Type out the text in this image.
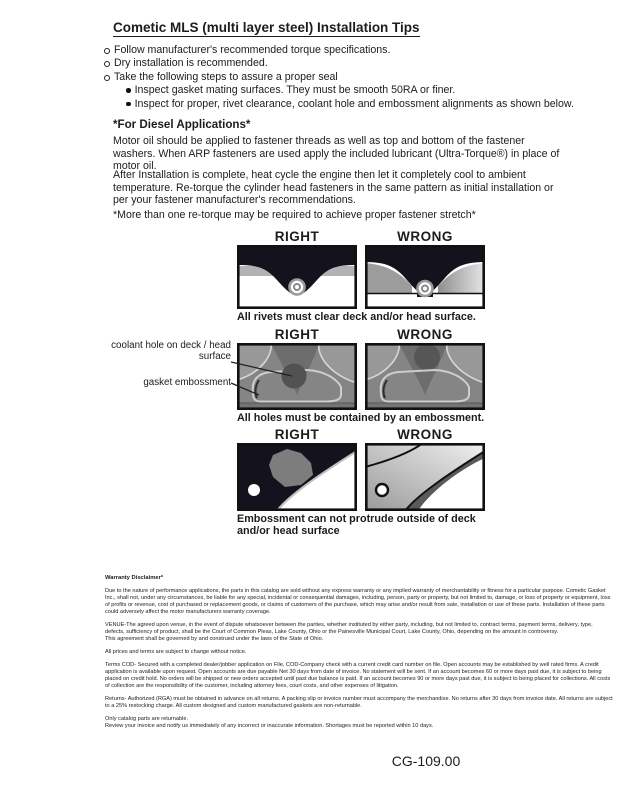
Cometic MLS (multi layer steel) Installation Tips
Follow manufacturer's recommended torque specifications.
Dry installation is recommended.
Take the following steps to assure a proper seal
Inspect gasket mating surfaces. They must be smooth 50RA or finer.
Inspect for proper, rivet clearance, coolant hole and embossment alignments as shown below.
*For Diesel Applications*

Motor oil should be applied to fastener threads as well as top and bottom of the fastener washers. When ARP fasteners are used apply the included lubricant (Ultra-Torque®) in place of motor oil.

After Installation is complete, heat cycle the engine then let it completely cool to ambient temperature. Re-torque the cylinder head fasteners in the same pattern as initial installation or per your fastener manufacturer's recommendations.

*More than one re-torque may be required to achieve proper fastener stretch*

RIGHT	WRONG
All rivets must clear deck and/or head surface.
RIGHT	WRONG
All holes must be contained by an embossment.
coolant hole on deck / head surface
gasket embossment
RIGHT	WRONG
Embossment can not protrude outside of deck and/or head surface

Warranty Disclaimer*

Due to the nature of performance applications, the parts in this catalog are sold without any express warranty or any implied warranty of merchantability or fitness for a particular purpose. Cometic Gasket Inc., shall not, under any circumstances, be liable for any special, incidental or consequential damages, including, person, party or property, but not limited to, damage, or loss of property or equipment, loss of profits or revenue, cost of purchased or replacement goods, or claims of customers of the purchase, which may arise and/or result from sale, installation or use of these parts. Installation of these parts could adversely affect the motor manufacturers warranty coverage.

VENUE-The agreed upon venue, in the event of dispute whatsoever between the parties, whether instituted by either party, including, but not limited to, contract terms, payment terms, delivery, type, defects, sufficiency of product, shall be the Court of Common Pleas, Lake County, Ohio or the Painesville Municipal Court, Lake County, Ohio, depending on the amount in controversy.

This agreement shall be governed by and construed under the laws of the State of Ohio.

All prices and terms are subject to change without notice.

Terms COD- Secured with a completed dealer/jobber application on File, COD-Company check with a current credit card number on file. Open accounts may be established by well rated firms. A credit application is available upon request. Open accounts are due payable Net 30 days from date of invoice. No statement will be sent. If an account becomes 60 or more days past due, it is subject to being placed on credit hold. No orders will be shipped or new orders accepted until past due balance is paid. If an account becomes 90 or more days past due, it is subject to being placed for collections. All costs of collection are the responsibility of the customer, including attorney fees, court costs, and other expenses of litigation.

Returns- Authorized (RGA) must be obtained in advance on all returns. A packing slip or invoice number must accompany the merchandise. No returns after 30 days from invoice date. All returns are subject to a 25% restocking charge. All custom designed and custom manufactured gaskets are non-returnable.

Only catalog parts are returnable.

Review your invoice and notify us immediately of any incorrect or inaccurate information. Shortages must be reported within 10 days.

CG-109.00
